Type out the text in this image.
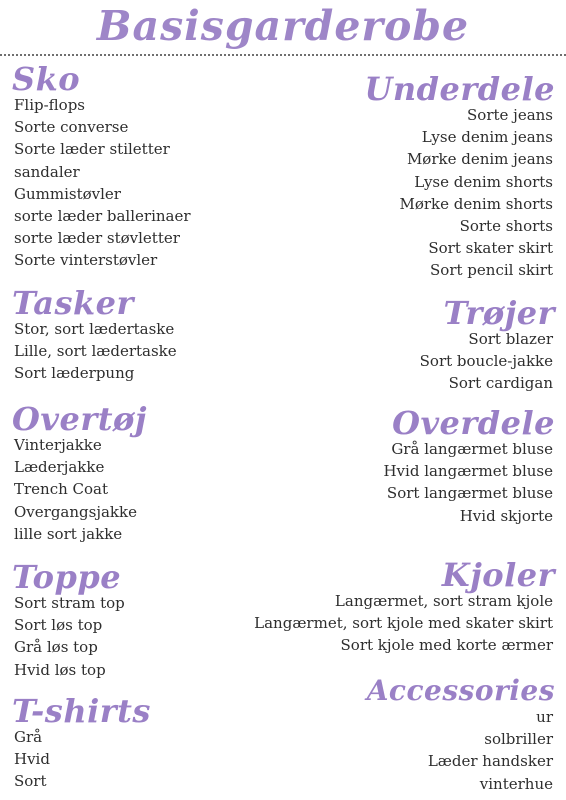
Basisgarderobe
Sko
Flip-flops
Sorte converse
Sorte læder stiletter
sandaler
Gummistøvler
sorte læder ballerinaer
sorte læder støvletter
Sorte vinterstøvler
Underdele
Sorte jeans
Lyse denim jeans
Mørke denim jeans
Lyse denim shorts
Mørke denim shorts
Sorte shorts
Sort skater skirt
Sort pencil skirt
Tasker
Stor, sort lædertaske
Lille, sort lædertaske
Sort læderpung
Trøjer
Sort blazer
Sort boucle-jakke
Sort cardigan
Overtøj
Vinterjakke
Læderjakke
Trench Coat
Overgangsjakke
lille sort jakke
Overdele
Grå langærmet bluse
Hvid langærmet bluse
Sort langærmet bluse
Hvid skjorte
Toppe
Sort stram top
Sort løs top
Grå løs top
Hvid løs top
Kjoler
Langærmet, sort stram kjole
Langærmet, sort kjole med skater skirt
Sort kjole med korte ærmer
T-shirts
Grå
Hvid
Sort
Accessories
ur
solbriller
Læder handsker
vinterhue
